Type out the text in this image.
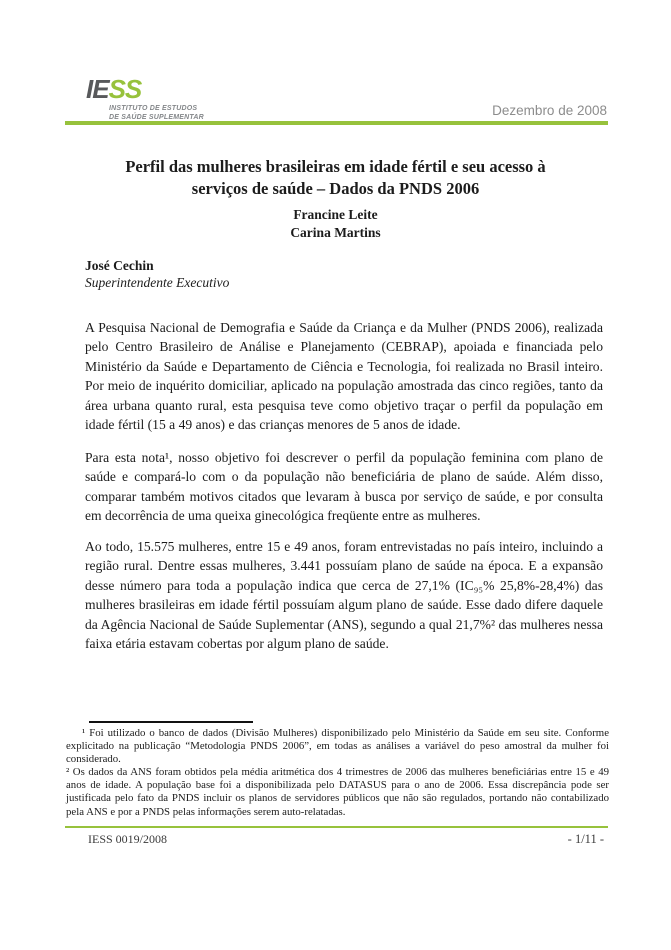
IESS
INSTITUTO DE ESTUDOS
DE SAÚDE SUPLEMENTAR	Dezembro de 2008
Perfil das mulheres brasileiras em idade fértil e seu acesso à
serviços de saúde – Dados da PNDS 2006
Francine Leite
Carina Martins
José Cechin
Superintendente Executivo

A Pesquisa Nacional de Demografia e Saúde da Criança e da Mulher (PNDS 2006), realizada pelo Centro Brasileiro de Análise e Planejamento (CEBRAP), apoiada e financiada pelo Ministério da Saúde e Departamento de Ciência e Tecnologia, foi realizada no Brasil inteiro. Por meio de inquérito domiciliar, aplicado na população amostrada das cinco regiões, tanto da área urbana quanto rural, esta pesquisa teve como objetivo traçar o perfil da população em idade fértil (15 a 49 anos) e das crianças menores de 5 anos de idade.

Para esta nota¹, nosso objetivo foi descrever o perfil da população feminina com plano de saúde e compará-lo com o da população não beneficiária de plano de saúde. Além disso, comparar também motivos citados que levaram à busca por serviço de saúde, e por consulta em decorrência de uma queixa ginecológica freqüente entre as mulheres.

Ao todo, 15.575 mulheres, entre 15 e 49 anos, foram entrevistadas no país inteiro, incluindo a região rural. Dentre essas mulheres, 3.441 possuíam plano de saúde na época. E a expansão desse número para toda a população indica que cerca de 27,1% (IC₉₅% 25,8%-28,4%) das mulheres brasileiras em idade fértil possuíam algum plano de saúde. Esse dado difere daquele da Agência Nacional de Saúde Suplementar (ANS), segundo a qual 21,7%² das mulheres nessa faixa etária estavam cobertas por algum plano de saúde.

¹ Foi utilizado o banco de dados (Divisão Mulheres) disponibilizado pelo Ministério da Saúde em seu site. Conforme explicitado na publicação “Metodologia PNDS 2006”, em todas as análises a variável do peso amostral da mulher foi considerado.

² Os dados da ANS foram obtidos pela média aritmética dos 4 trimestres de 2006 das mulheres beneficiárias entre 15 e 49 anos de idade. A população base foi a disponibilizada pelo DATASUS para o ano de 2006. Essa discrepância pode ser justificada pelo fato da PNDS incluir os planos de servidores públicos que não são regulados, portando não contabilizado pela ANS e por a PNDS pelas informações serem auto-relatadas.

IESS 0019/2008	- 1/11 -
